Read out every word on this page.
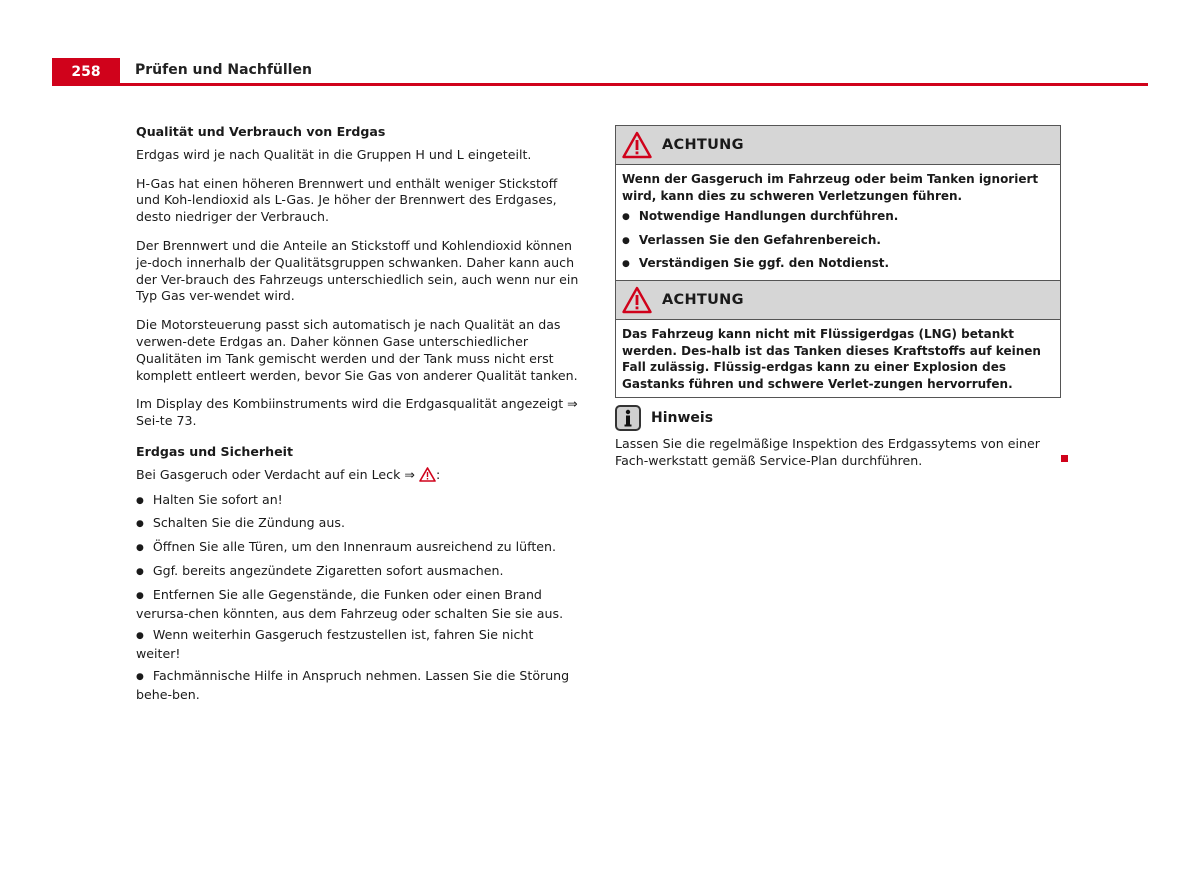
258	Prüfen und Nachfüllen
Qualität und Verbrauch von Erdgas

Erdgas wird je nach Qualität in die Gruppen H und L eingeteilt.

H-Gas hat einen höheren Brennwert und enthält weniger Stickstoff und Koh-lendioxid als L-Gas. Je höher der Brennwert des Erdgases, desto niedriger der Verbrauch.

Der Brennwert und die Anteile an Stickstoff und Kohlendioxid können je-doch innerhalb der Qualitätsgruppen schwanken. Daher kann auch der Ver-brauch des Fahrzeugs unterschiedlich sein, auch wenn nur ein Typ Gas ver-wendet wird.

Die Motorsteuerung passt sich automatisch je nach Qualität an das verwen-dete Erdgas an. Daher können Gase unterschiedlicher Qualitäten im Tank gemischt werden und der Tank muss nicht erst komplett entleert werden, bevor Sie Gas von anderer Qualität tanken.

Im Display des Kombiinstruments wird die Erdgasqualität angezeigt ⇒ Sei-te 73.

Erdgas und Sicherheit

Bei Gasgeruch oder Verdacht auf ein Leck ⇒ :

● Halten Sie sofort an!
● Schalten Sie die Zündung aus.
● Öffnen Sie alle Türen, um den Innenraum ausreichend zu lüften.
● Ggf. bereits angezündete Zigaretten sofort ausmachen.
● Entfernen Sie alle Gegenstände, die Funken oder einen Brand verursa-chen könnten, aus dem Fahrzeug oder schalten Sie sie aus.
● Wenn weiterhin Gasgeruch festzustellen ist, fahren Sie nicht weiter!
● Fachmännische Hilfe in Anspruch nehmen. Lassen Sie die Störung behe-ben.
ACHTUNG

Wenn der Gasgeruch im Fahrzeug oder beim Tanken ignoriert wird, kann dies zu schweren Verletzungen führen.

● Notwendige Handlungen durchführen.
● Verlassen Sie den Gefahrenbereich.
● Verständigen Sie ggf. den Notdienst.
ACHTUNG

Das Fahrzeug kann nicht mit Flüssigerdgas (LNG) betankt werden. Des-halb ist das Tanken dieses Kraftstoffs auf keinen Fall zulässig. Flüssig-erdgas kann zu einer Explosion des Gastanks führen und schwere Verlet-zungen hervorrufen.

Hinweis
Lassen Sie die regelmäßige Inspektion des Erdgassytems von einer Fach-werkstatt gemäß Service-Plan durchführen.
